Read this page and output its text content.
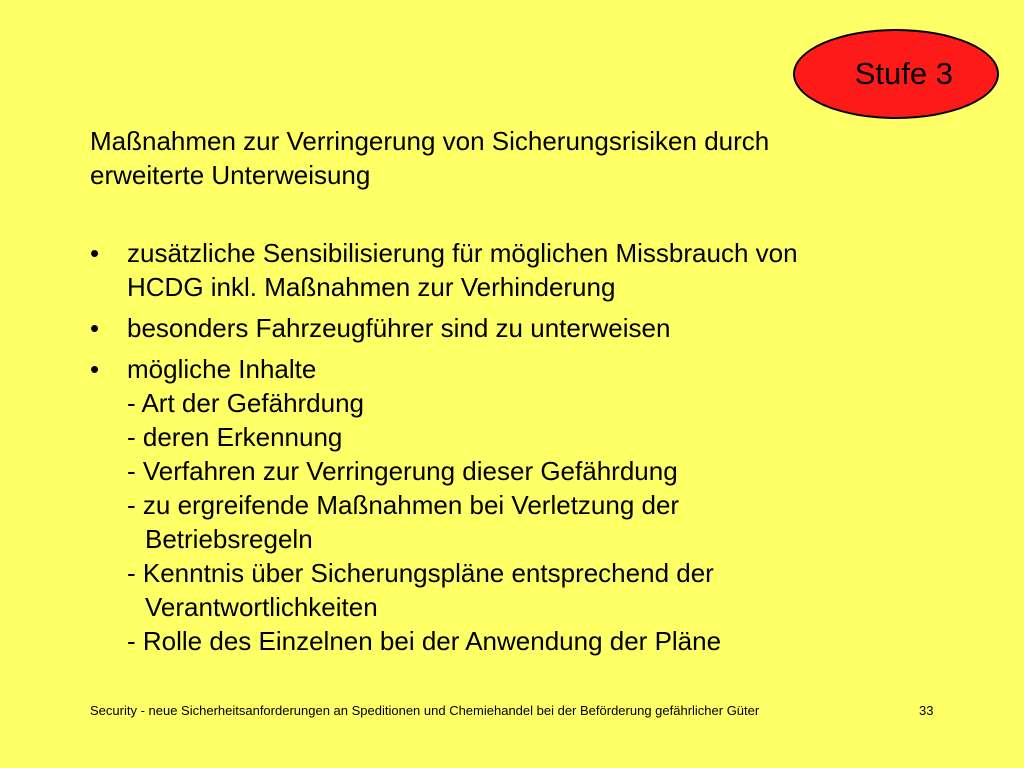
Stufe 3
Maßnahmen zur Verringerung von Sicherungsrisiken durch
erweiterte Unterweisung
• zusätzliche Sensibilisierung für möglichen Missbrauch von
HCDG inkl. Maßnahmen zur Verhinderung
• besonders Fahrzeugführer sind zu unterweisen
• mögliche Inhalte
- Art der Gefährdung
- deren Erkennung
- Verfahren zur Verringerung dieser Gefährdung
- zu ergreifende Maßnahmen bei Verletzung der
Betriebsregeln
- Kenntnis über Sicherungspläne entsprechend der
Verantwortlichkeiten
- Rolle des Einzelnen bei der Anwendung der Pläne
Security - neue Sicherheitsanforderungen an Speditionen und Chemiehandel bei der Beförderung gefährlicher Güter	33
